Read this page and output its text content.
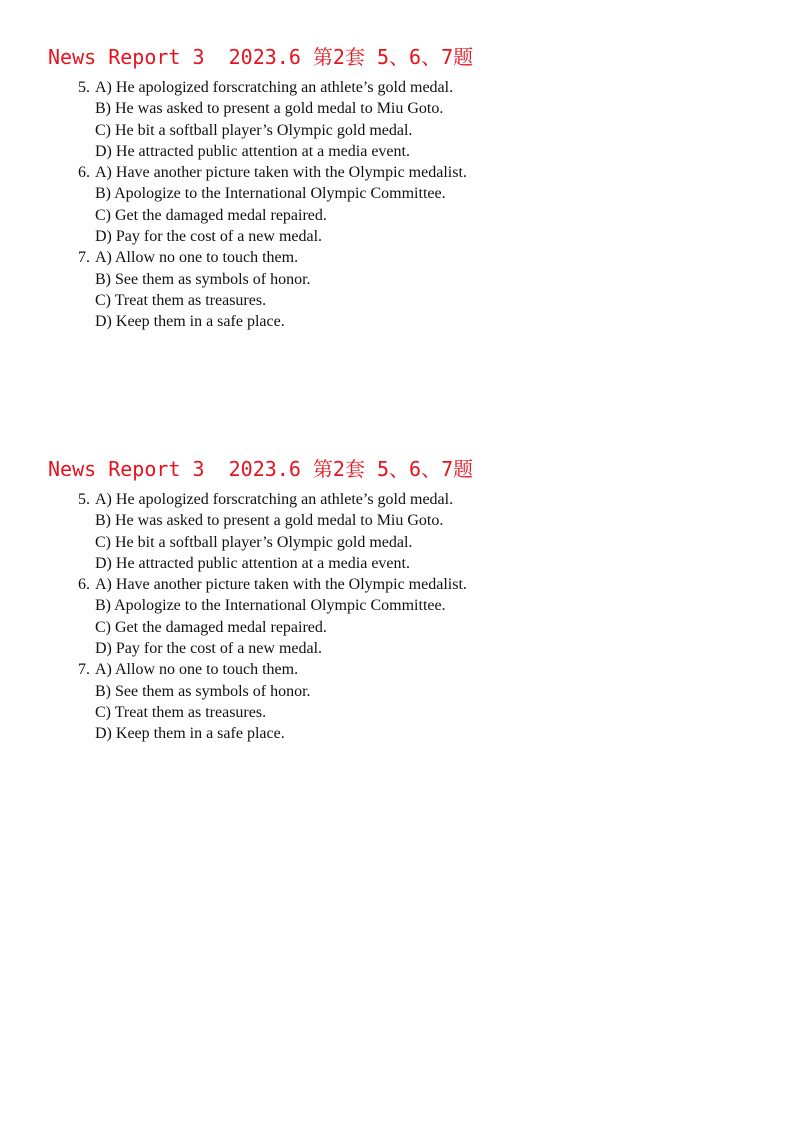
News Report 3  2023.6 第2套 5、6、7题
5. A) He apologized forscratching an athlete’s gold medal.
B) He was asked to present a gold medal to Miu Goto.
C) He bit a softball player’s Olympic gold medal.
D) He attracted public attention at a media event.
6. A) Have another picture taken with the Olympic medalist.
B) Apologize to the International Olympic Committee.
C) Get the damaged medal repaired.
D) Pay for the cost of a new medal.
7. A) Allow no one to touch them.
B) See them as symbols of honor.
C) Treat them as treasures.
D) Keep them in a safe place.
News Report 3  2023.6 第2套 5、6、7题
5. A) He apologized forscratching an athlete’s gold medal.
B) He was asked to present a gold medal to Miu Goto.
C) He bit a softball player’s Olympic gold medal.
D) He attracted public attention at a media event.
6. A) Have another picture taken with the Olympic medalist.
B) Apologize to the International Olympic Committee.
C) Get the damaged medal repaired.
D) Pay for the cost of a new medal.
7. A) Allow no one to touch them.
B) See them as symbols of honor.
C) Treat them as treasures.
D) Keep them in a safe place.
